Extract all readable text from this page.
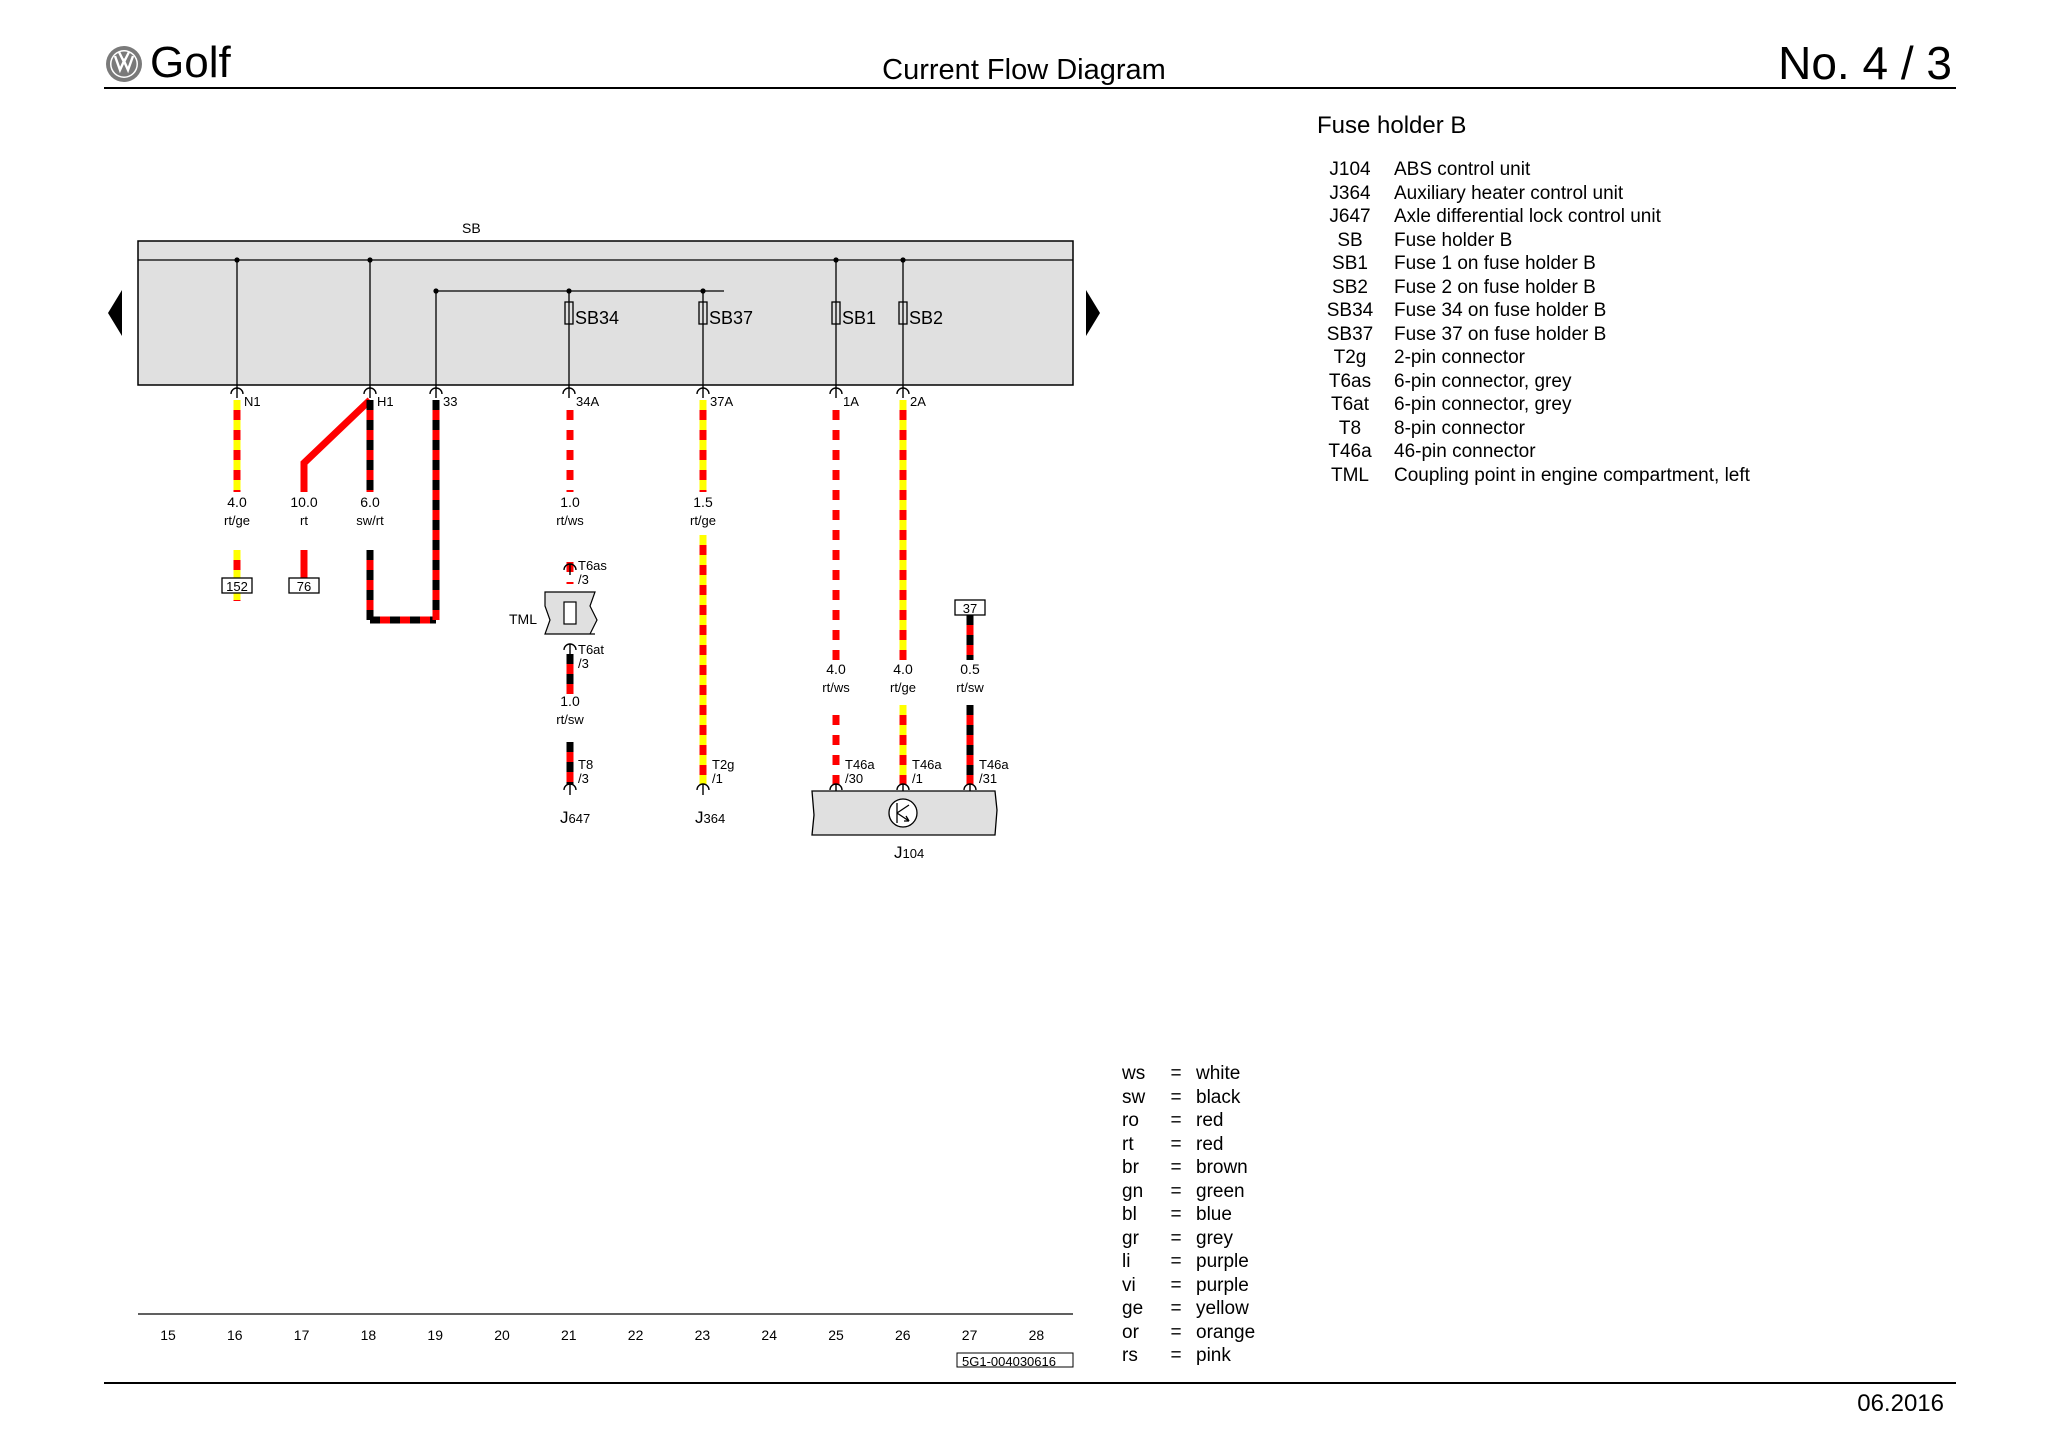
Golf	Current Flow Diagram	No. 4 / 3
06.2016
Fuse holder B
J104	ABS control unit
J364	Auxiliary heater control unit
J647	Axle differential lock control unit
SB	Fuse holder B
SB1	Fuse 1 on fuse holder B
SB2	Fuse 2 on fuse holder B
SB34	Fuse 34 on fuse holder B
SB37	Fuse 37 on fuse holder B
T2g	2-pin connector
T6as	6-pin connector, grey
T6at	6-pin connector, grey
T8	8-pin connector
T46a	46-pin connector
TML	Coupling point in engine compartment, left
ws	= white
sw	= black
ro	= red
rt	= red
br	= brown
gn	= green
bl	= blue
gr	= grey
li	= purple
vi	= purple
ge	= yellow
or	= orange
rs	= pink
SB
SB34	SB37	SB1 SB2
N1	H1	33	34A	37A	1A	2A
4.0
rt/ge
10.0
rt
6.0
sw/rt
1.0
rt/ws
1.5
rt/ge
1.0
rt/sw
4.0
rt/ws
4.0
rt/ge
0.5
rt/sw
T6as
/3
T6at
/3
T8
/3
T2g
/1
T46a
/30
T46a
/1
T46a
/31
152	76
37
TML
J647	J364
J104
15	16	17	18	19	20	21	22	23	24	25	26	27	28
5G1-004030616
